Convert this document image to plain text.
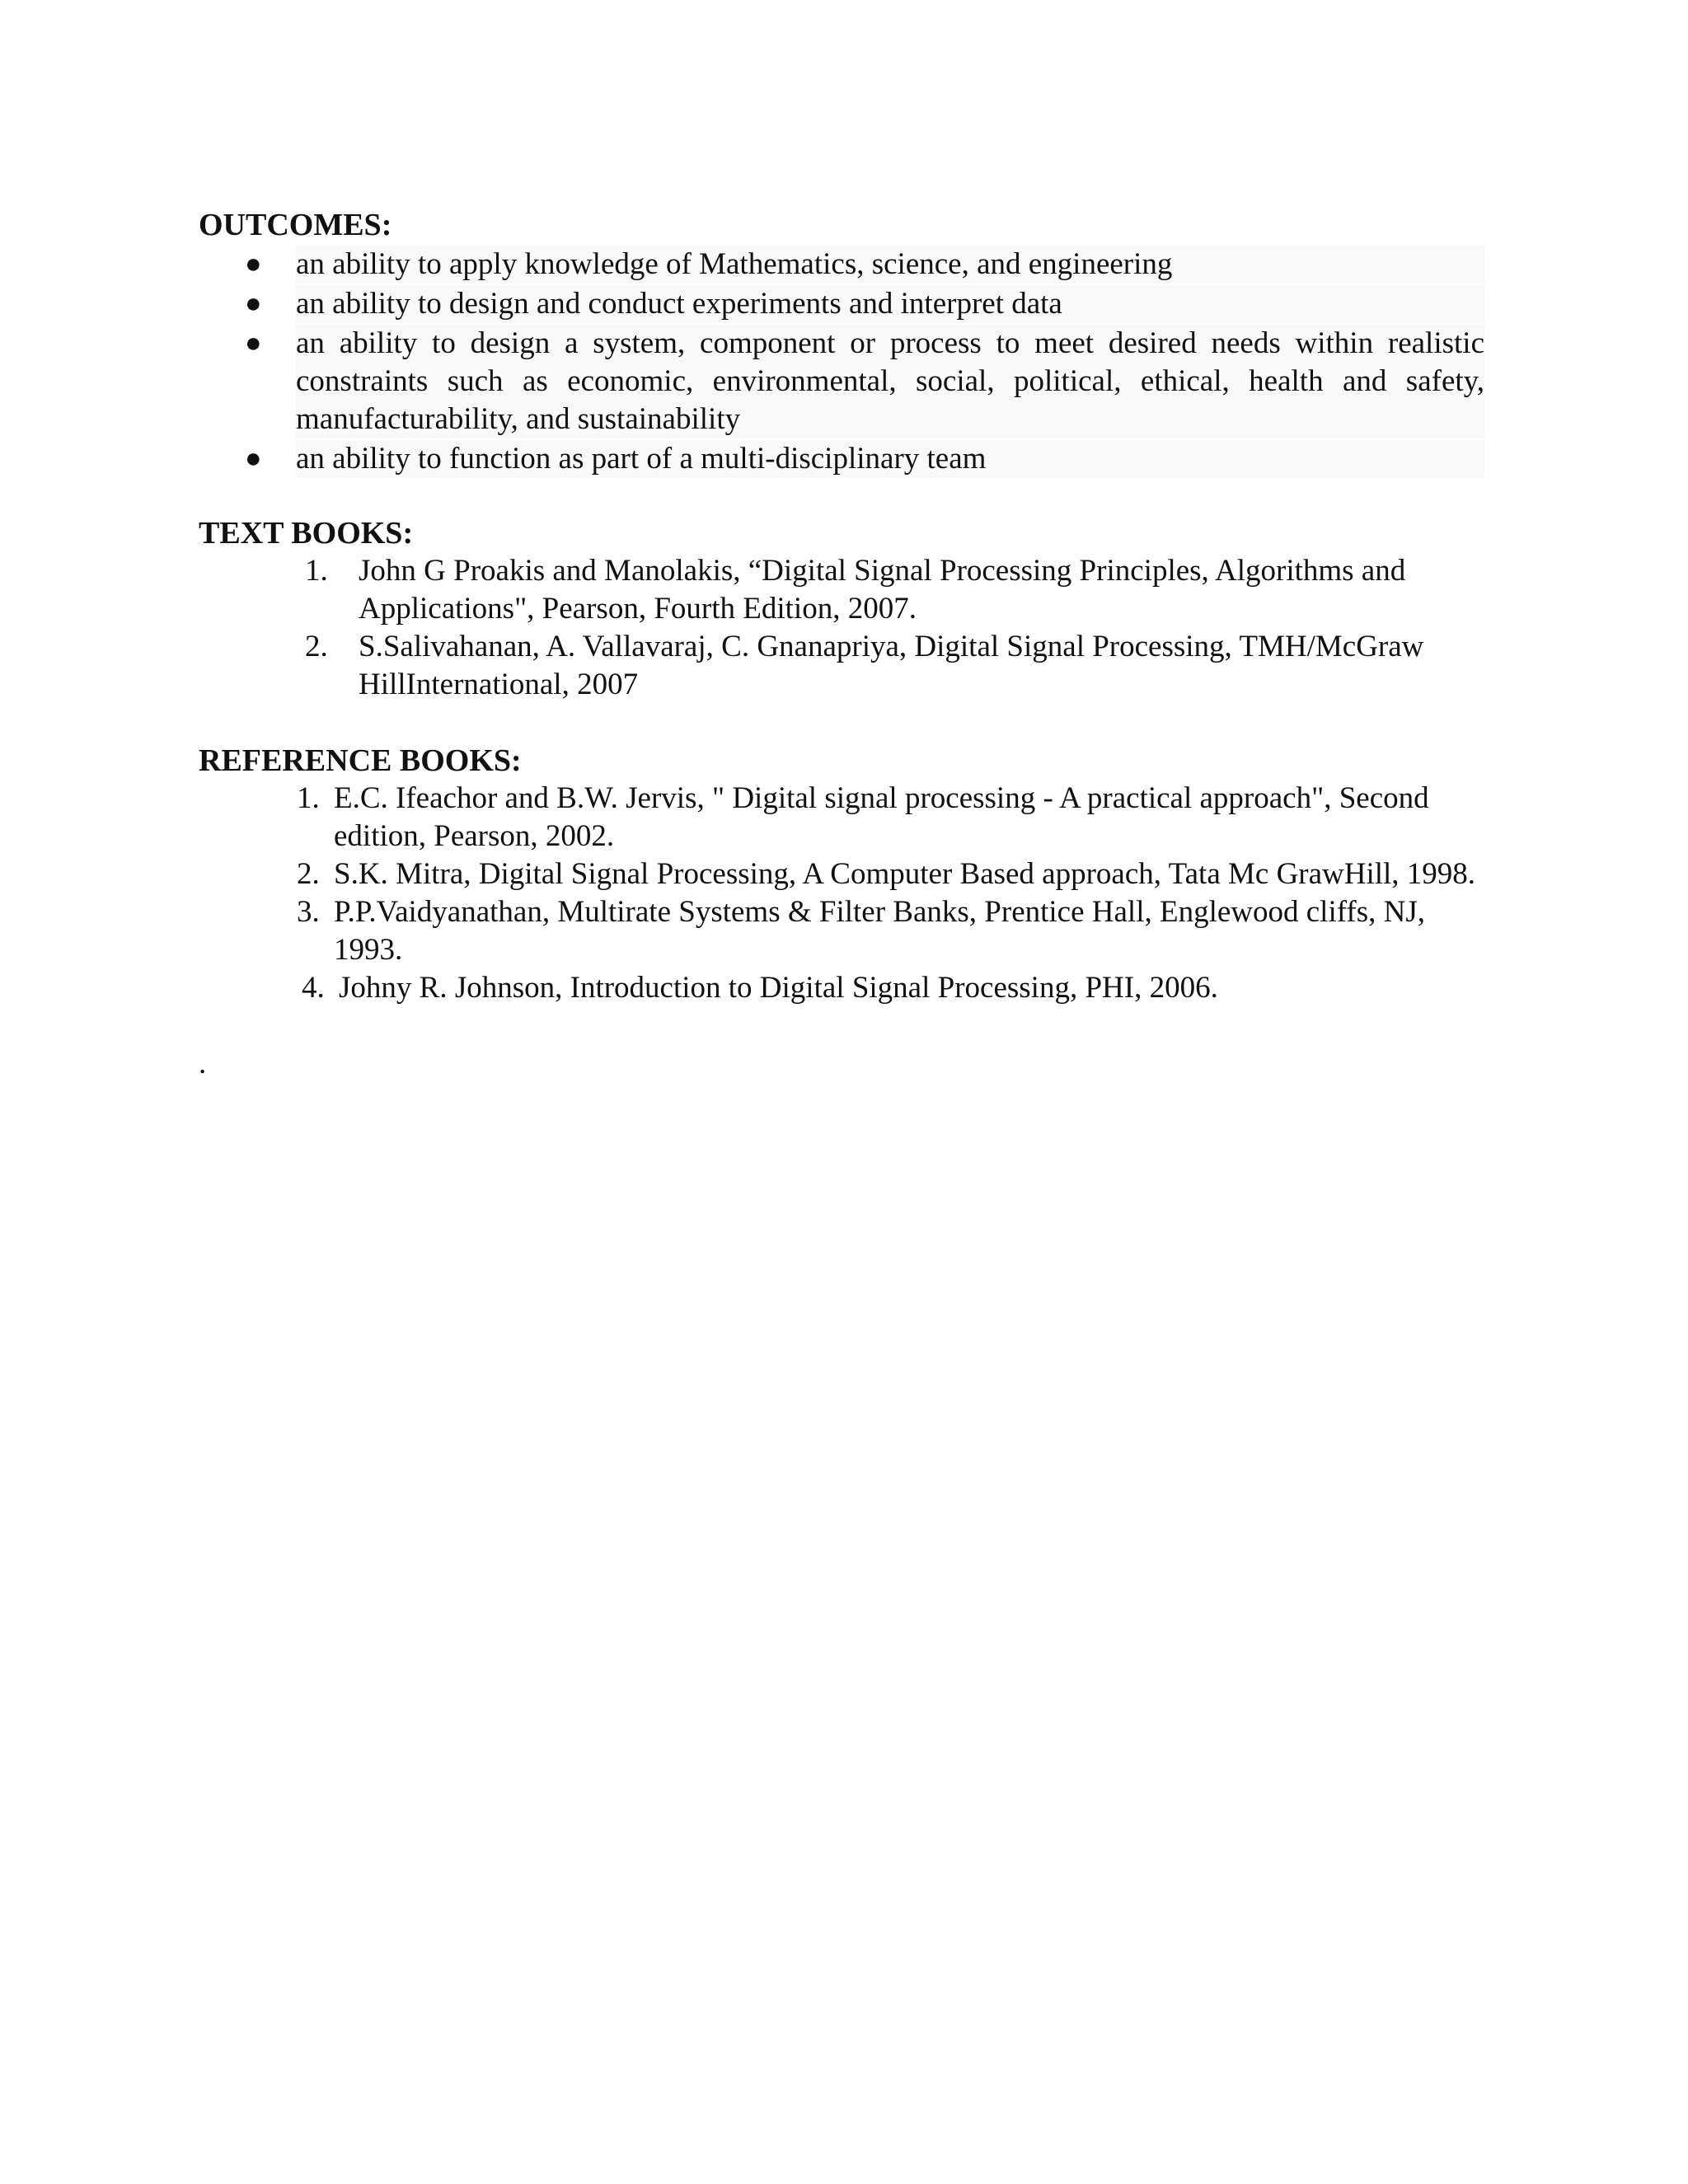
OUTCOMES:
● an ability to apply knowledge of Mathematics, science, and engineering
● an ability to design and conduct experiments and interpret data
● an ability to design a system, component or process to meet desired needs within realistic constraints such as economic, environmental, social, political, ethical, health and safety, manufacturability, and sustainability
● an ability to function as part of a multi-disciplinary team
TEXT BOOKS:
1. John G Proakis and Manolakis, “Digital Signal Processing Principles, Algorithms and Applications", Pearson, Fourth Edition, 2007.
2. S.Salivahanan, A. Vallavaraj, C. Gnanapriya, Digital Signal Processing, TMH/McGraw HillInternational, 2007
REFERENCE BOOKS:
1. E.C. Ifeachor and B.W. Jervis, " Digital signal processing - A practical approach", Second edition, Pearson, 2002.
2. S.K. Mitra, Digital Signal Processing, A Computer Based approach, Tata Mc GrawHill, 1998.
3. P.P.Vaidyanathan, Multirate Systems & Filter Banks, Prentice Hall, Englewood cliffs, NJ, 1993.
4. Johny R. Johnson, Introduction to Digital Signal Processing, PHI, 2006.
.
